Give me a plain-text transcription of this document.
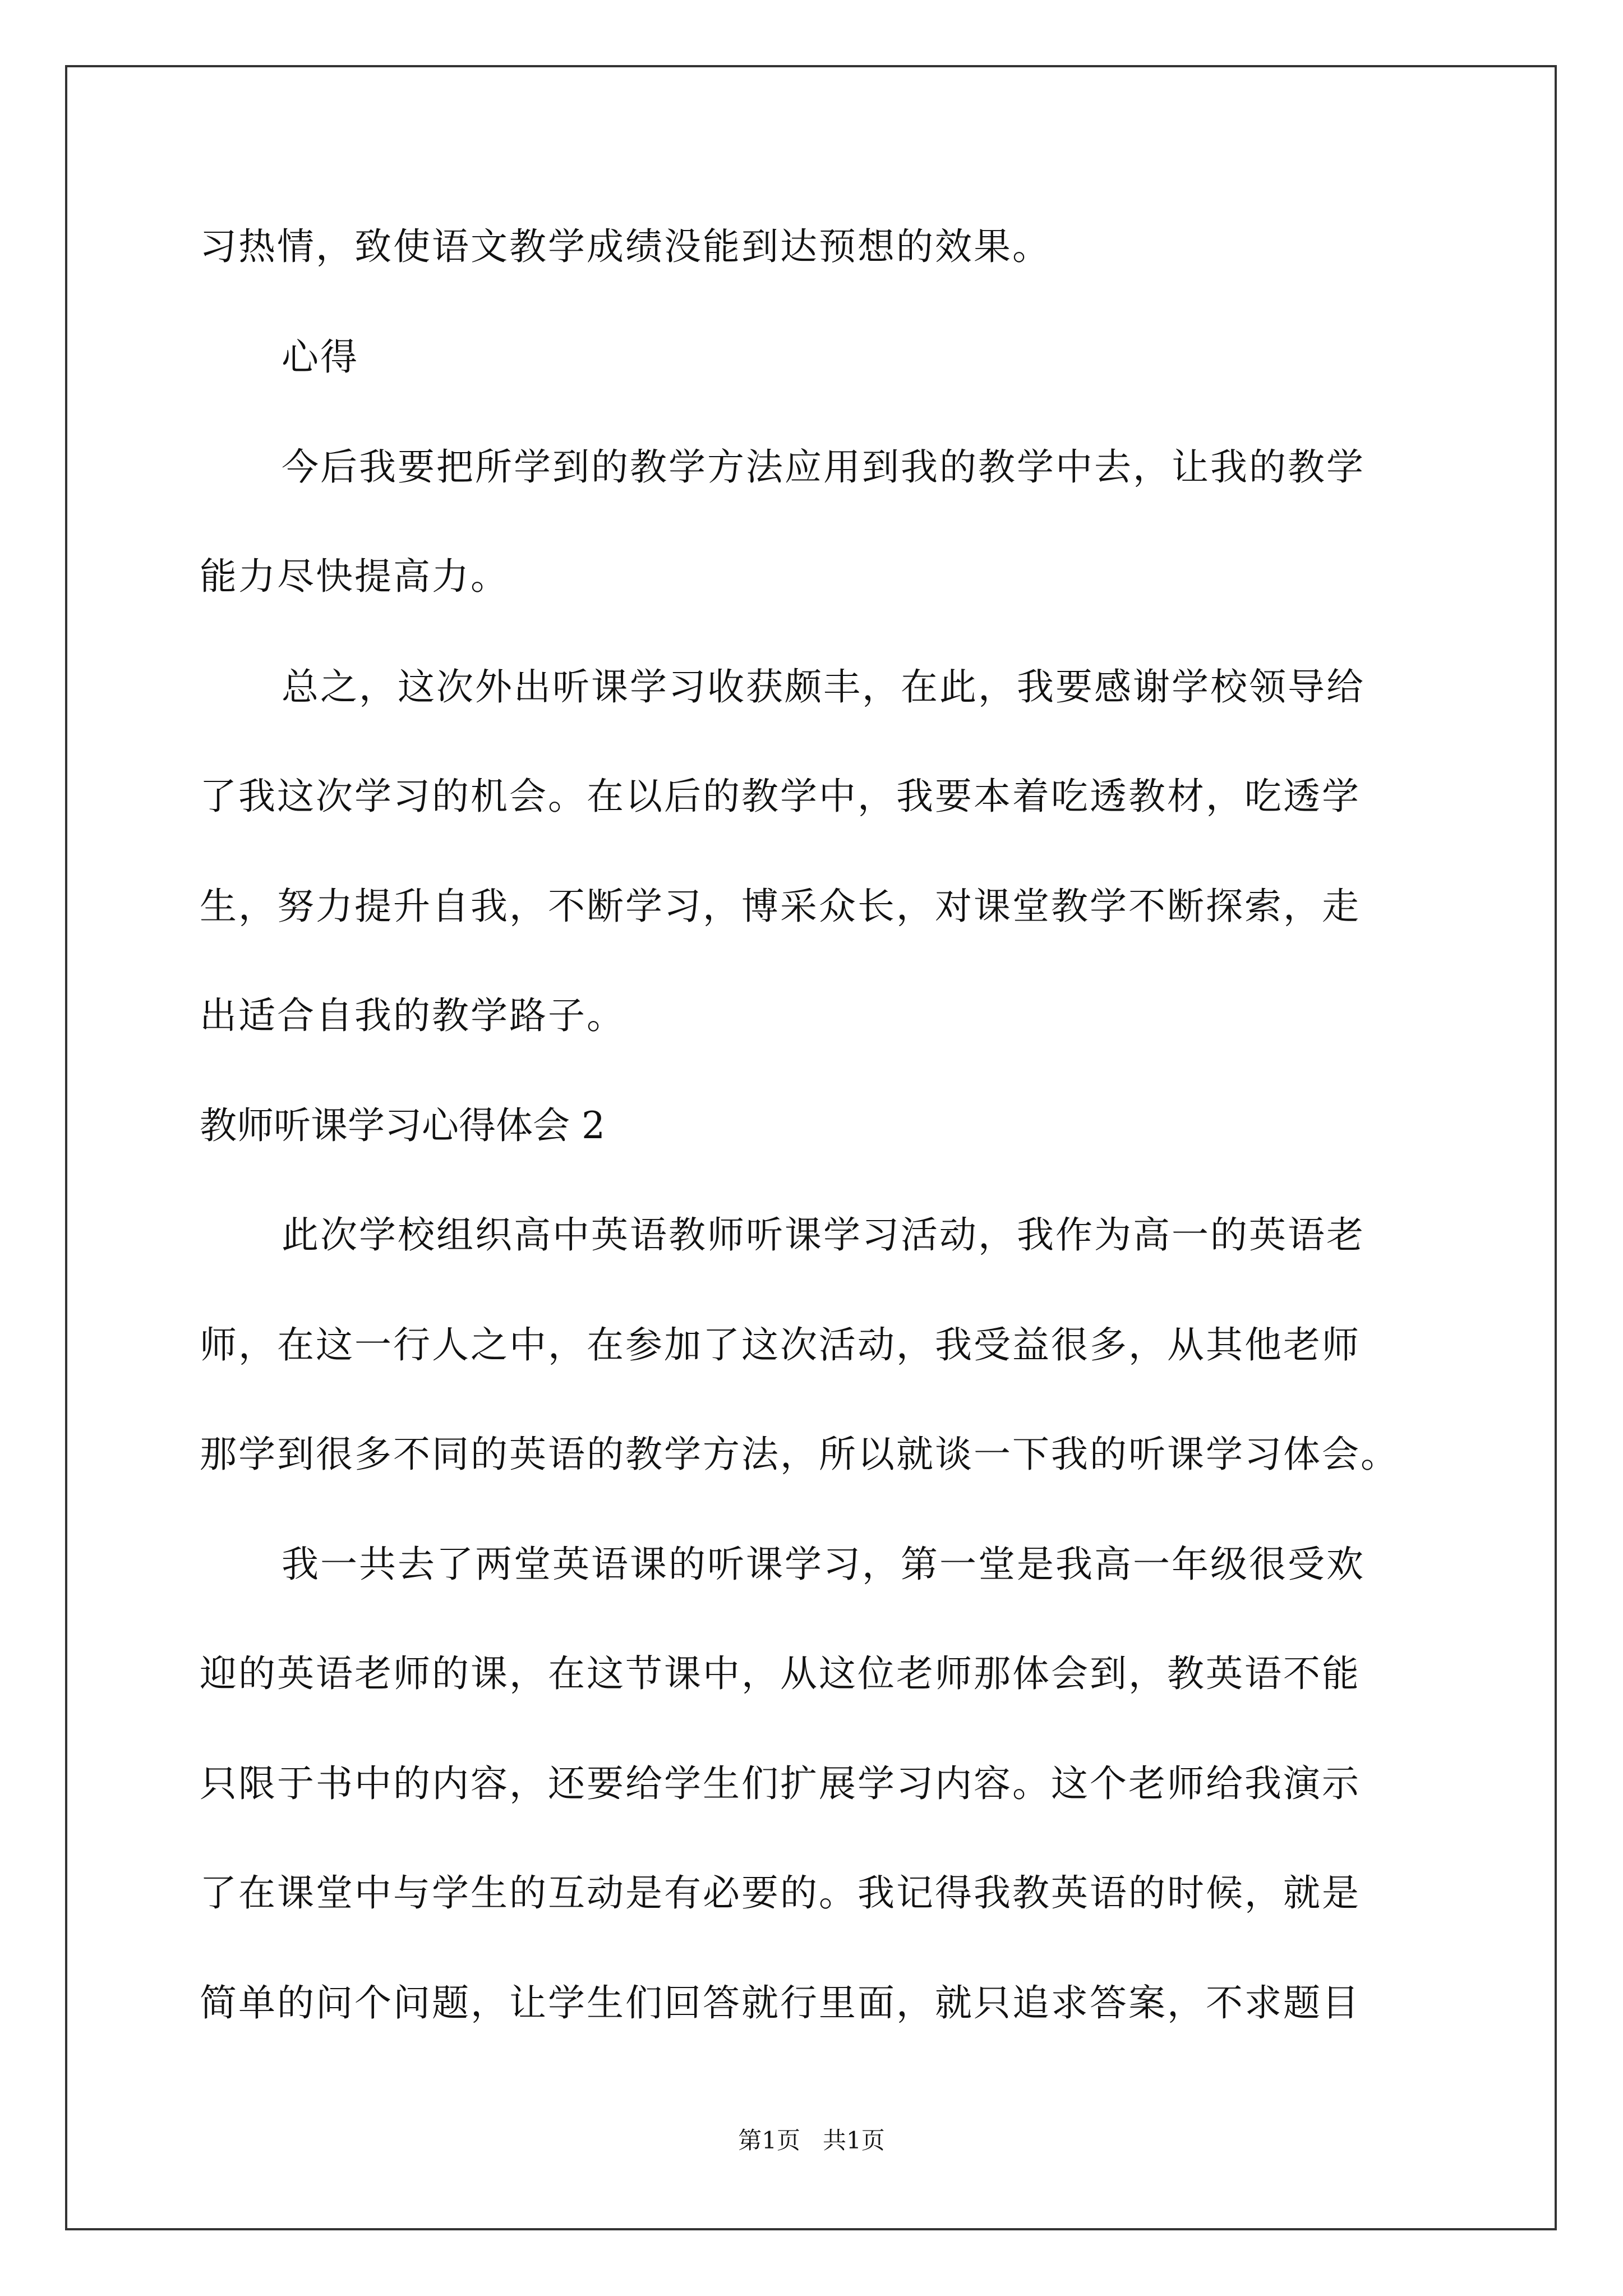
习热情，致使语文教学成绩没能到达预想的效果。
心得
今后我要把所学到的教学方法应用到我的教学中去，让我的教学
能力尽快提高力。
总之，这次外出听课学习收获颇丰，在此，我要感谢学校领导给
了我这次学习的机会。在以后的教学中，我要本着吃透教材，吃透学
生，努力提升自我，不断学习，博采众长，对课堂教学不断探索，走
出适合自我的教学路子。
教师听课学习心得体会 2
此次学校组织高中英语教师听课学习活动，我作为高一的英语老
师，在这一行人之中，在参加了这次活动，我受益很多，从其他老师
那学到很多不同的英语的教学方法，所以就谈一下我的听课学习体会。
我一共去了两堂英语课的听课学习，第一堂是我高一年级很受欢
迎的英语老师的课，在这节课中，从这位老师那体会到，教英语不能
只限于书中的内容，还要给学生们扩展学习内容。这个老师给我演示
了在课堂中与学生的互动是有必要的。我记得我教英语的时候，就是
简单的问个问题，让学生们回答就行里面，就只追求答案，不求题目
第1页   共1页
